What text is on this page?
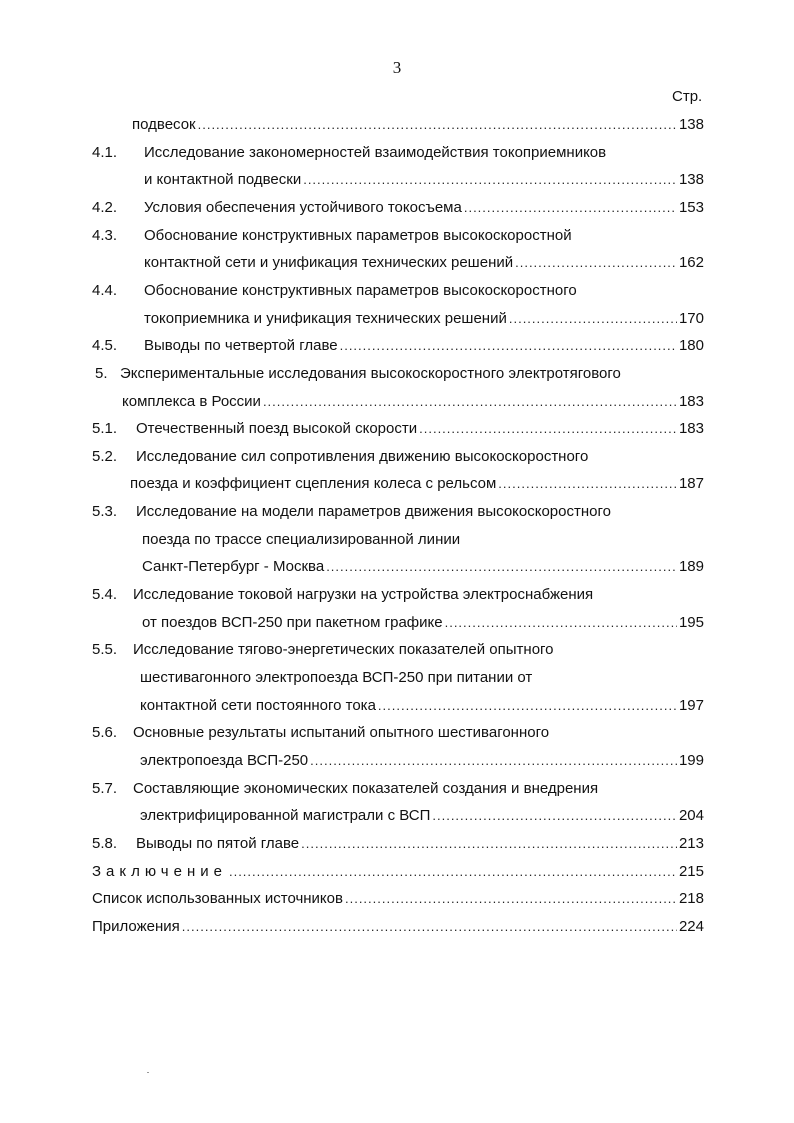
3
Стр.
подвесок .....	138
4.1. Исследование закономерностей взаимодействия токоприемников
и контактной подвески .....	138
4.2. Условия обеспечения устойчивого токосъема .....	153
4.3. Обоснование конструктивных параметров высокоскоростной
контактной сети и унификация технических решений .....	162
4.4. Обоснование конструктивных параметров высокоскоростного
токоприемника и унификация технических решений .....	170
4.5. Выводы по четвертой главе .....	180
5. Экспериментальные исследования высокоскоростного электротягового
комплекса в России .....	183
5.1. Отечественный поезд высокой скорости .....	183
5.2. Исследование сил сопротивления движению высокоскоростного
поезда и коэффициент сцепления колеса с рельсом .....	187
5.3. Исследование на модели параметров движения высокоскоростного
поезда по трассе специализированной линии
Санкт-Петербург - Москва .....	189
5.4. Исследование токовой нагрузки на устройства электроснабжения
от поездов ВСП-250 при пакетном графике .....	195
5.5. Исследование тягово-энергетических показателей опытного
шестивагонного электропоезда ВСП-250 при питании от
контактной сети постоянного тока .....	197
5.6. Основные результаты испытаний опытного шестивагонного
электропоезда ВСП-250 .....	199
5.7. Составляющие экономических показателей создания и внедрения
электрифицированной магистрали с ВСП .....	204
5.8. Выводы по пятой главе .....	213
Заключение .....	215
Список использованных источников .....	218
Приложения .....	224
